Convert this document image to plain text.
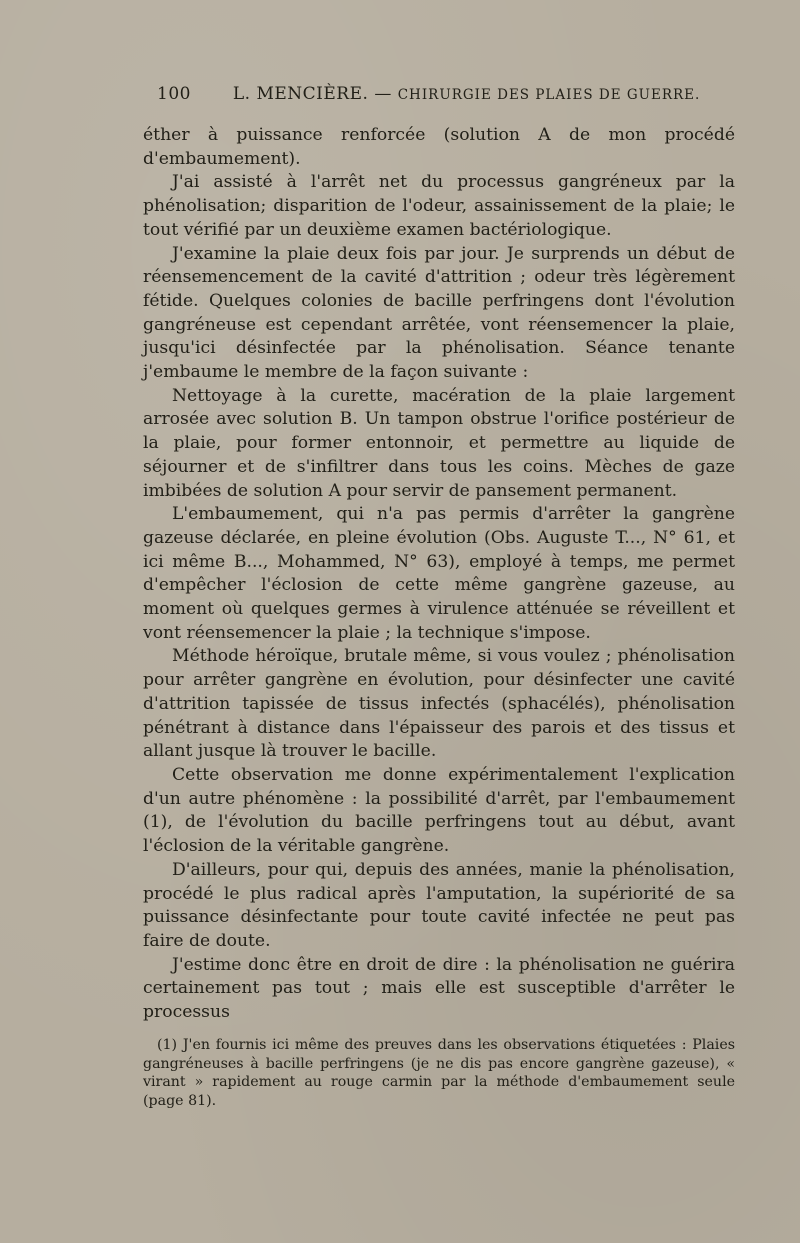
100 L. MENCIÈRE. — CHIRURGIE DES PLAIES DE GUERRE.

éther à puissance renforcée (solution A de mon procédé d'embaumement).

J'ai assisté à l'arrêt net du processus gangréneux par la phénolisation; disparition de l'odeur, assainissement de la plaie; le tout vérifié par un deuxième examen bactériologique.

J'examine la plaie deux fois par jour. Je surprends un début de réensemencement de la cavité d'attrition ; odeur très légèrement fétide. Quelques colonies de bacille perfringens dont l'évolution gangréneuse est cependant arrêtée, vont réensemencer la plaie, jusqu'ici désinfectée par la phénolisation. Séance tenante j'embaume le membre de la façon suivante :

Nettoyage à la curette, macération de la plaie largement arrosée avec solution B. Un tampon obstrue l'orifice postérieur de la plaie, pour former entonnoir, et permettre au liquide de séjourner et de s'infiltrer dans tous les coins. Mèches de gaze imbibées de solution A pour servir de pansement permanent.

L'embaumement, qui n'a pas permis d'arrêter la gangrène gazeuse déclarée, en pleine évolution (Obs. Auguste T..., N° 61, et ici même B..., Mohammed, N° 63), employé à temps, me permet d'empêcher l'éclosion de cette même gangrène gazeuse, au moment où quelques germes à virulence atténuée se réveillent et vont réensemencer la plaie ; la technique s'impose.

Méthode héroïque, brutale même, si vous voulez ; phénolisation pour arrêter gangrène en évolution, pour désinfecter une cavité d'attrition tapissée de tissus infectés (sphacélés), phénolisation pénétrant à distance dans l'épaisseur des parois et des tissus et allant jusque là trouver le bacille.

Cette observation me donne expérimentalement l'explication d'un autre phénomène : la possibilité d'arrêt, par l'embaumement (1), de l'évolution du bacille perfringens tout au début, avant l'éclosion de la véritable gangrène.

D'ailleurs, pour qui, depuis des années, manie la phénolisation, procédé le plus radical après l'amputation, la supériorité de sa puissance désinfectante pour toute cavité infectée ne peut pas faire de doute.

J'estime donc être en droit de dire : la phénolisation ne guérira certainement pas tout ; mais elle est susceptible d'arrêter le processus

(1) J'en fournis ici même des preuves dans les observations étiquetées : Plaies gangréneuses à bacille perfringens (je ne dis pas encore gangrène gazeuse), « virant » rapidement au rouge carmin par la méthode d'embaumement seule (page 81).
